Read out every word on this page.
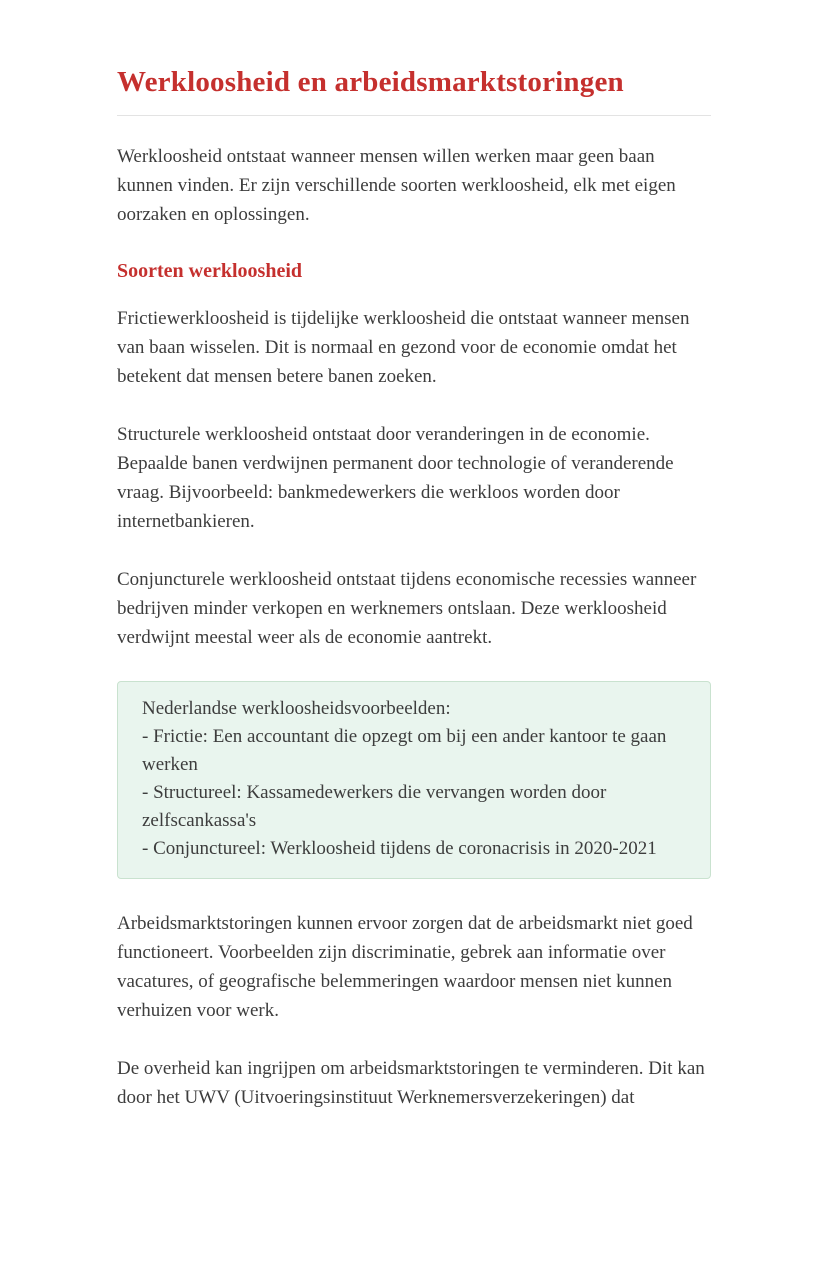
Werkloosheid en arbeidsmarktstoringen

Werkloosheid ontstaat wanneer mensen willen werken maar geen baan kunnen vinden. Er zijn verschillende soorten werkloosheid, elk met eigen oorzaken en oplossingen.

Soorten werkloosheid

Frictiewerkloosheid is tijdelijke werkloosheid die ontstaat wanneer mensen van baan wisselen. Dit is normaal en gezond voor de economie omdat het betekent dat mensen betere banen zoeken.

Structurele werkloosheid ontstaat door veranderingen in de economie. Bepaalde banen verdwijnen permanent door technologie of veranderende vraag. Bijvoorbeeld: bankmedewerkers die werkloos worden door internetbankieren.

Conjuncturele werkloosheid ontstaat tijdens economische recessies wanneer bedrijven minder verkopen en werknemers ontslaan. Deze werkloosheid verdwijnt meestal weer als de economie aantrekt.

Nederlandse werkloosheidsvoorbeelden:

- Frictie: Een accountant die opzegt om bij een ander kantoor te gaan werken

- Structureel: Kassamedewerkers die vervangen worden door zelfscankassa's

- Conjunctureel: Werkloosheid tijdens de coronacrisis in 2020-2021

Arbeidsmarktstoringen kunnen ervoor zorgen dat de arbeidsmarkt niet goed functioneert. Voorbeelden zijn discriminatie, gebrek aan informatie over vacatures, of geografische belemmeringen waardoor mensen niet kunnen verhuizen voor werk.

De overheid kan ingrijpen om arbeidsmarktstoringen te verminderen. Dit kan door het UWV (Uitvoeringsinstituut Werknemersverzekeringen) dat
